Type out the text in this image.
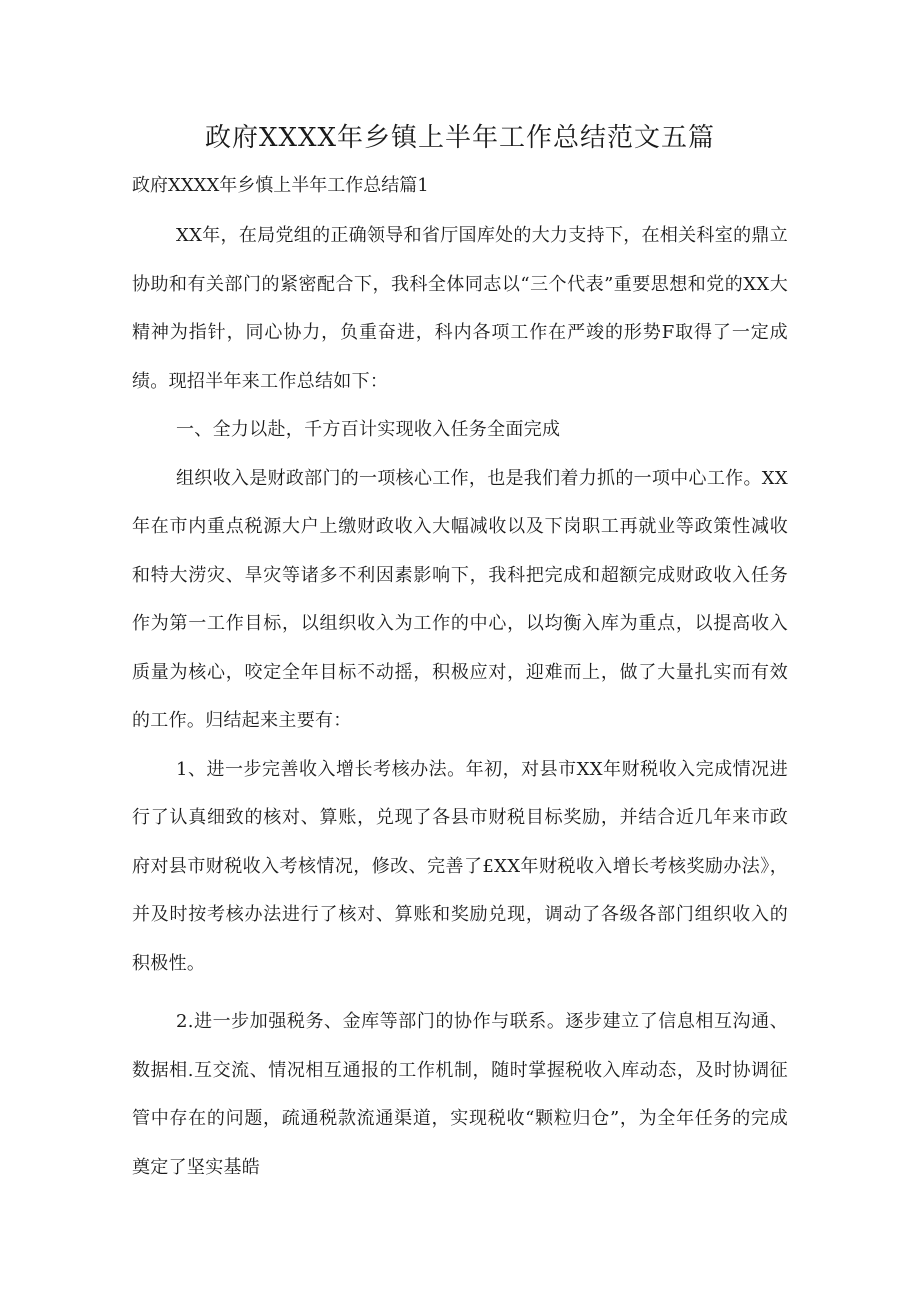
政府XXXX年乡镇上半年工作总结范文五篇

政府XXXX年乡慎上半年工作总结篇1

XX年，在局党组的正确领导和省厅国库处的大力支持下，在相关科室的鼎立协助和有关部门的紧密配合下，我科全体同志以“三个代表”重要思想和党的XX大精神为指针，同心协力，负重奋进，科内各项工作在严竣的形势F取得了一定成绩。现招半年来工作总结如下：

一、全力以赴，千方百计实现收入任务全面完成

组织收入是财政部门的一项核心工作，也是我们着力抓的一项中心工作。XX年在市内重点税源大户上缴财政收入大幅减收以及下岗职工再就业等政策性减收和特大涝灾、旱灾等诸多不利因素影响下，我科把完成和超额完成财政收入任务作为第一工作目标，以组织收入为工作的中心，以均衡入库为重点，以提高收入质量为核心，咬定全年目标不动摇，积极应对，迎难而上，做了大量扎实而有效的工作。归结起来主要有：

1、进一步完善收入增长考核办法。年初，对县市XX年财税收入完成情况进行了认真细致的核对、算账，兑现了各县市财税目标奖励，并结合近几年来市政府对县市财税收入考核情况，修改、完善了£XX年财税收入增长考核奖励办法》，并及时按考核办法进行了核对、算账和奖励兑现，调动了各级各部门组织收入的积极性。

2.进一步加强税务、金库等部门的协作与联系。逐步建立了信息相互沟通、数据相.互交流、情况相互通报的工作机制，随时掌握税收入库动态，及时协调征管中存在的问题，疏通税款流通渠道，实现税收“颗粒归仓”，为全年任务的完成奠定了坚实基皓
